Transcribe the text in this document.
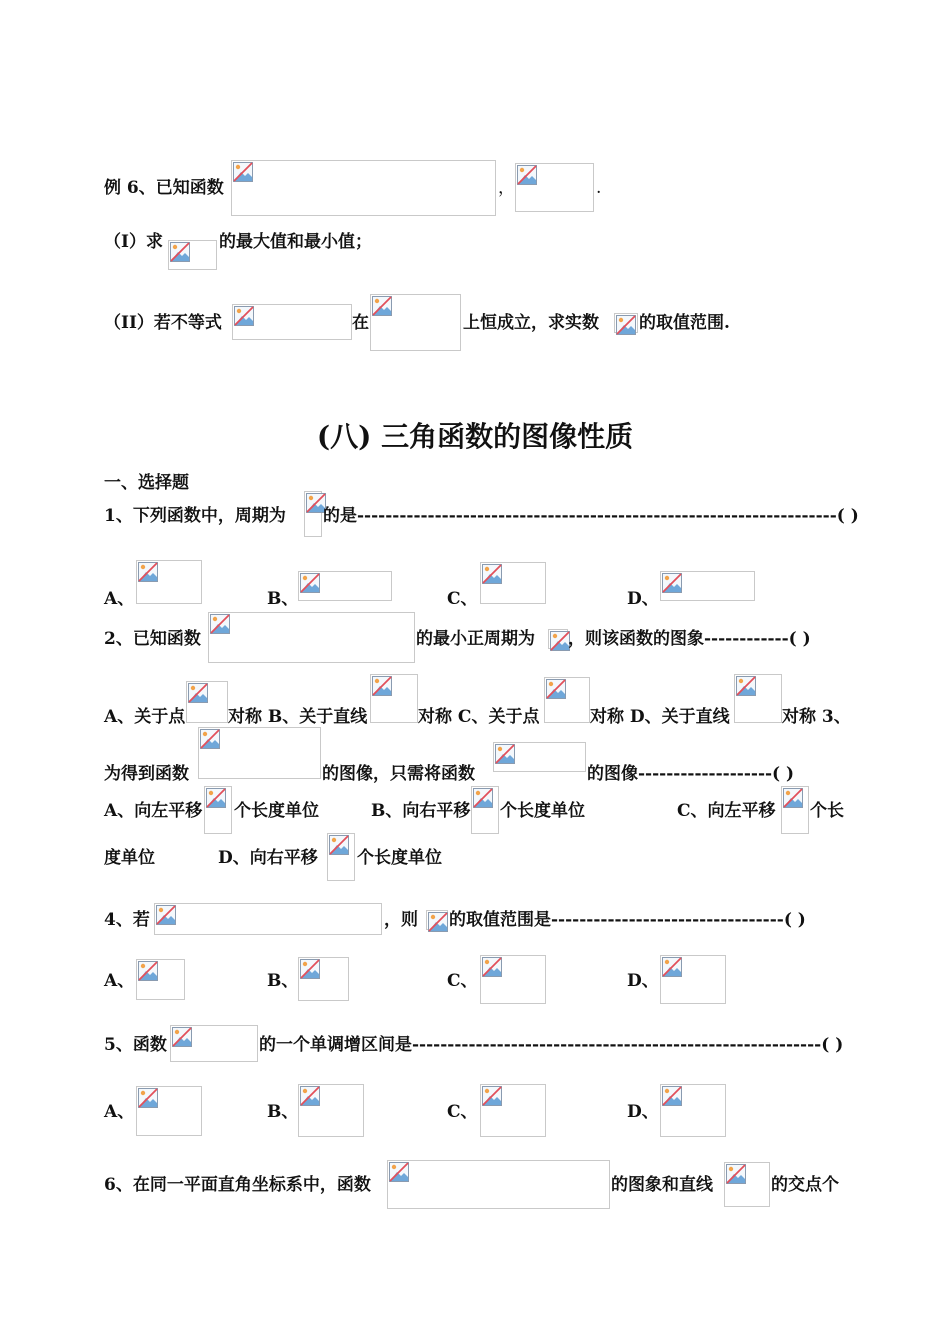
例 6、已知函数	，	.
（I）求	的最大值和最小值；
（II）若不等式	在	上恒成立，求实数 的取值范围.
(八) 三角函数的图像性质
一、选择题
1、下列函数中，周期为 的是--------------------------------------------------------------------( )
A、	B、	C、	D、
2、已知函数	的最小正周期为 ，则该函数的图象------------( )
A、关于点	对称 B、关于直线	对称 C、关于点	对称 D、关于直线	对称 3、
为得到函数	的图像，只需将函数	的图像-------------------( )
A、向左平移 个长度单位	B、向右平移 个长度单位	C、向左平移 个长
度单位	D、向右平移 个长度单位
4、若	，则 的取值范围是---------------------------------( )
A、	B、	C、	D、
5、函数	的一个单调增区间是----------------------------------------------------------( )
A、	B、	C、	D、
6、在同一平面直角坐标系中，函数	的图象和直线	的交点个
